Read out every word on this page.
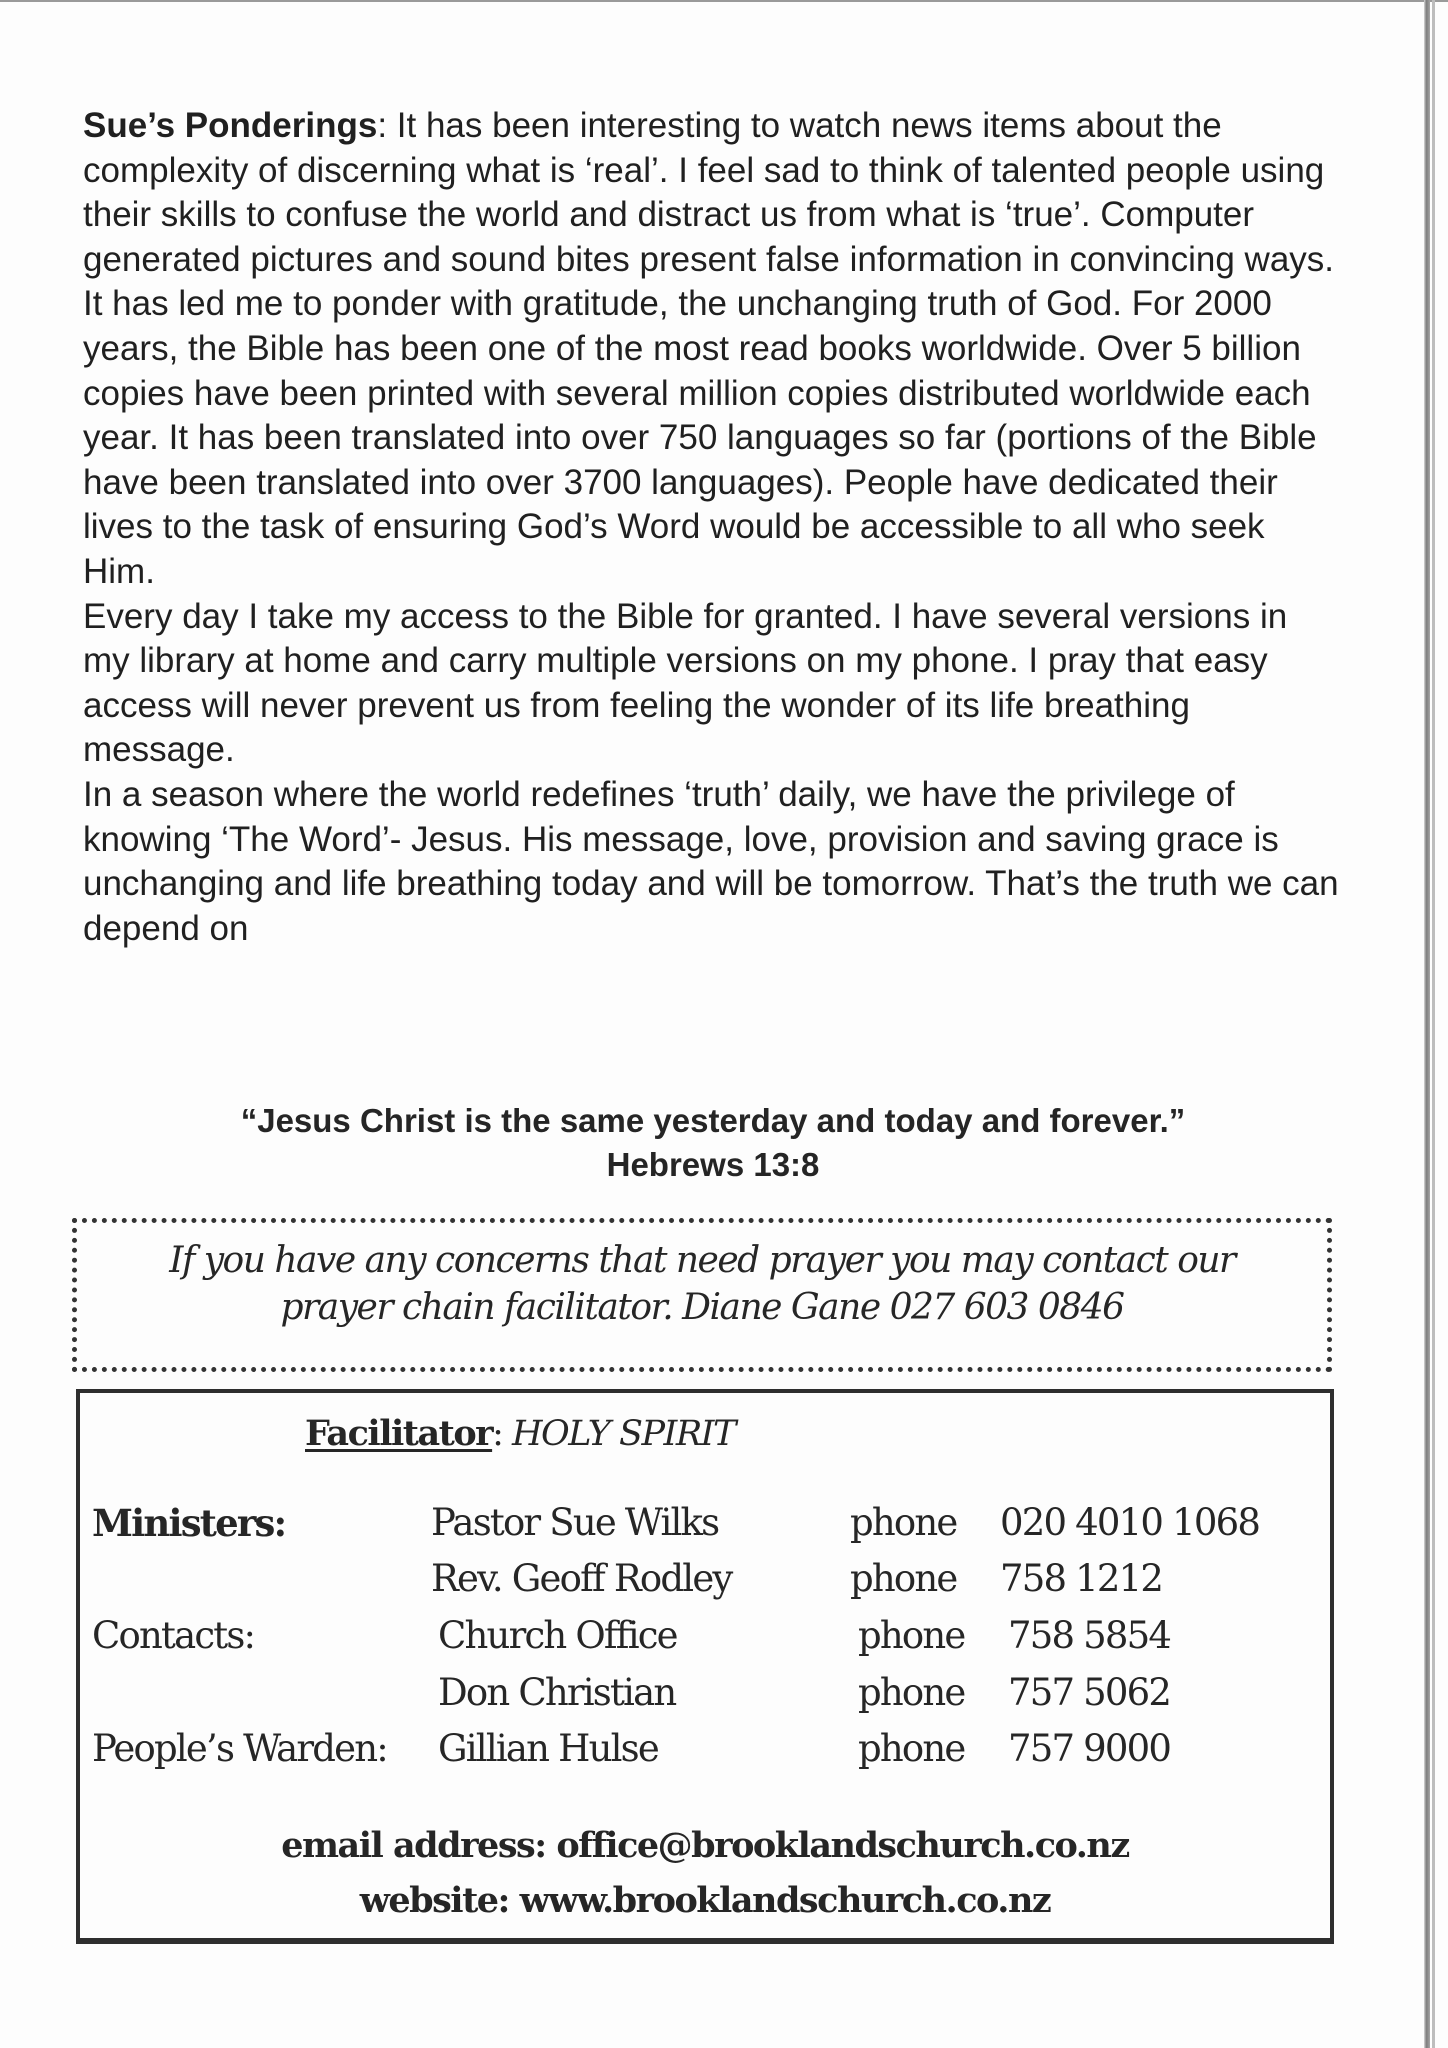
Sue’s Ponderings: It has been interesting to watch news items about the complexity of discerning what is ‘real’. I feel sad to think of talented people using their skills to confuse the world and distract us from what is ‘true’. Computer generated pictures and sound bites present false information in convincing ways.

It has led me to ponder with gratitude, the unchanging truth of God. For 2000 years, the Bible has been one of the most read books worldwide. Over 5 billion copies have been printed with several million copies distributed worldwide each year. It has been translated into over 750 languages so far (portions of the Bible have been translated into over 3700 languages). People have dedicated their lives to the task of ensuring God’s Word would be accessible to all who seek Him.

Every day I take my access to the Bible for granted. I have several versions in my library at home and carry multiple versions on my phone. I pray that easy access will never prevent us from feeling the wonder of its life breathing message.

In a season where the world redefines ‘truth’ daily, we have the privilege of knowing ‘The Word’- Jesus. His message, love, provision and saving grace is unchanging and life breathing today and will be tomorrow. That’s the truth we can depend on

“Jesus Christ is the same yesterday and today and forever.”
Hebrews 13:8
If you have any concerns that need prayer you may contact our
prayer chain facilitator. Diane Gane 027 603 0846
Facilitator: HOLY SPIRIT
Ministers:	Pastor Sue Wilks	phone 020 4010 1068
Rev. Geoff Rodley	phone 758 1212
Contacts:	Church Office	phone 758 5854
Don Christian	phone 757 5062
People’s Warden: Gillian Hulse	phone 757 9000
email address: office@brooklandschurch.co.nz
website: www.brooklandschurch.co.nz
